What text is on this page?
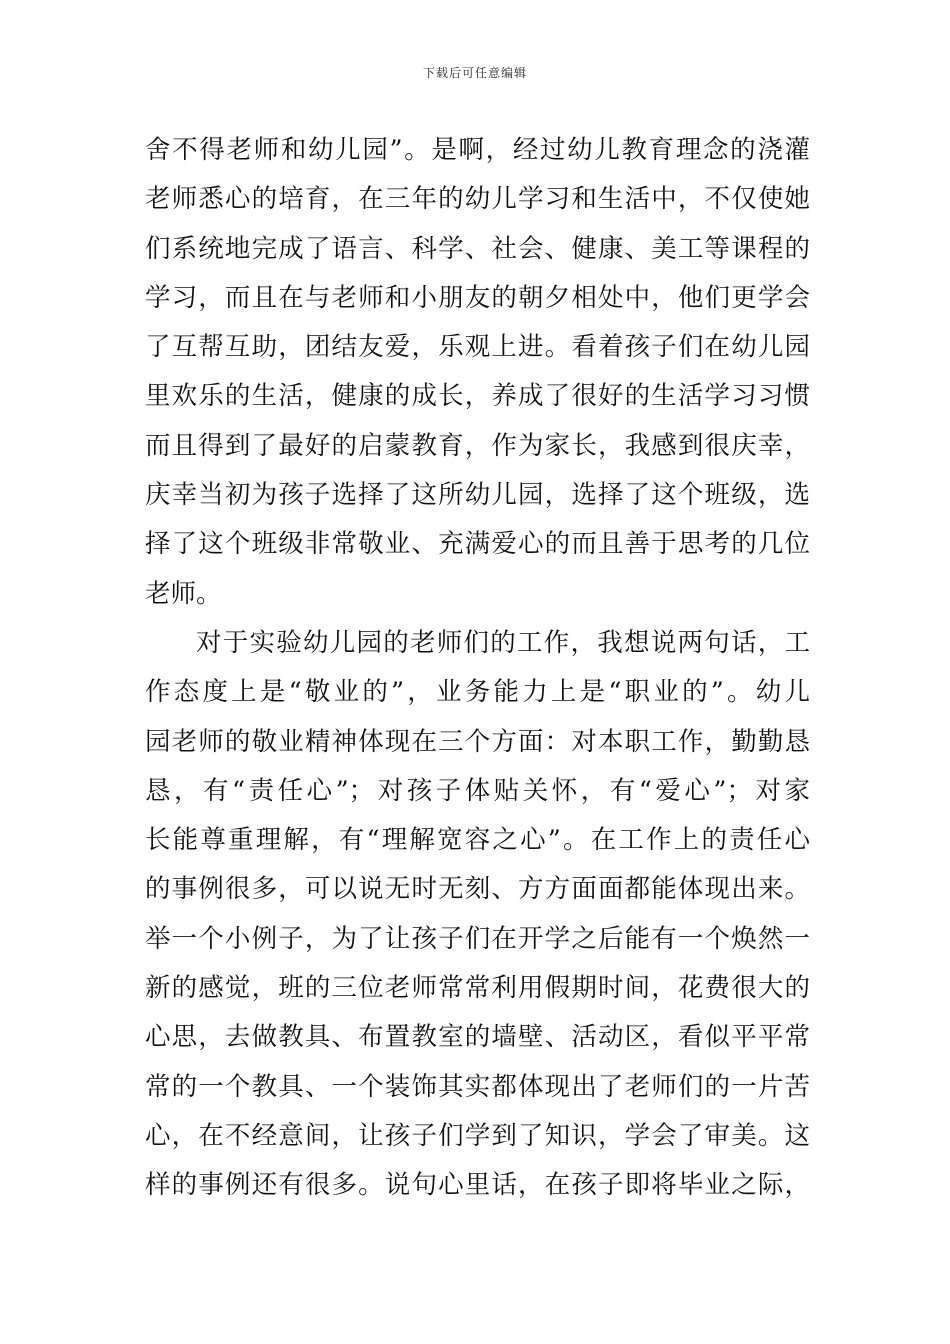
下载后可任意编辑
舍不得老师和幼儿园”。是啊，经过幼儿教育理念的浇灌
老师悉心的培育，在三年的幼儿学习和生活中，不仅使她
们系统地完成了语言、科学、社会、健康、美工等课程的
学习，而且在与老师和小朋友的朝夕相处中，他们更学会
了互帮互助，团结友爱，乐观上进。看着孩子们在幼儿园
里欢乐的生活，健康的成长，养成了很好的生活学习习惯
而且得到了最好的启蒙教育，作为家长，我感到很庆幸，
庆幸当初为孩子选择了这所幼儿园，选择了这个班级，选
择了这个班级非常敬业、充满爱心的而且善于思考的几位
老师。
对于实验幼儿园的老师们的工作，我想说两句话，工
作态度上是“敬业的”，业务能力上是“职业的”。幼儿
园老师的敬业精神体现在三个方面：对本职工作，勤勤恳
恳，有“责任心”；对孩子体贴关怀，有“爱心”；对家
长能尊重理解，有“理解宽容之心”。在工作上的责任心
的事例很多，可以说无时无刻、方方面面都能体现出来。
举一个小例子，为了让孩子们在开学之后能有一个焕然一
新的感觉，班的三位老师常常利用假期时间，花费很大的
心思，去做教具、布置教室的墙壁、活动区，看似平平常
常的一个教具、一个装饰其实都体现出了老师们的一片苦
心，在不经意间，让孩子们学到了知识，学会了审美。这
样的事例还有很多。说句心里话，在孩子即将毕业之际，
